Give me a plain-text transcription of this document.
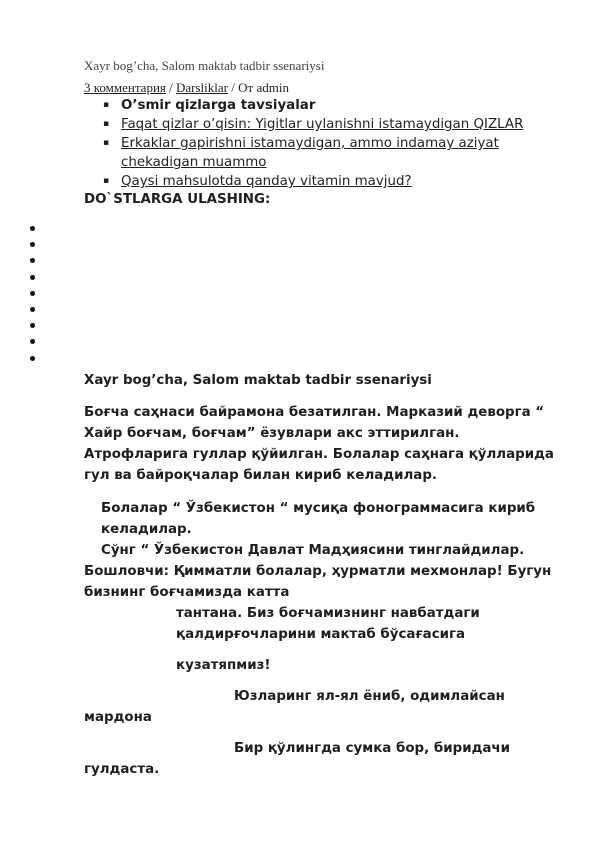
Xayr bog’cha, Salom maktab tadbir ssenariysi
3 комментария / Darsliklar / От admin
▪ O’smir qizlarga tavsiyalar
▪ Faqat qizlar o’qisin: Yigitlar uylanishni istamaydigan QIZLAR
▪ Erkaklar gapirishni istamaydigan, ammo indamay aziyat chekadigan muammo
▪ Qaysi mahsulotda qanday vitamin mavjud?
DO`STLARGA ULASHING:
Xayr bog’cha, Salom maktab tadbir ssenariysi
Боғча саҳнаси байрамона безатилган. Марказий деворга “ Хайр боғчам, боғчам” ёзувлари акс эттирилган. Атрофларига гуллар қўйилган. Болалар саҳнага қўлларида гул ва байроқчалар билан кириб келадилар.
Болалар “ Ўзбекистон “ мусиқа фонограммасига кириб келадилар.
Сўнг “ Ўзбекистон Давлат Мадҳиясини тинглайдилар.
Бошловчи: Қимматли болалар, ҳурматли мехмонлар! Бугун бизнинг боғчамизда катта
тантана. Биз боғчамизнинг навбатдаги қалдирғочларини мактаб бўсағасига
кузатяпмиз!
Юзларинг ял-ял ёниб, одимлайсан
мардона
Бир қўлингда сумка бор, биридачи
гулдаста.
